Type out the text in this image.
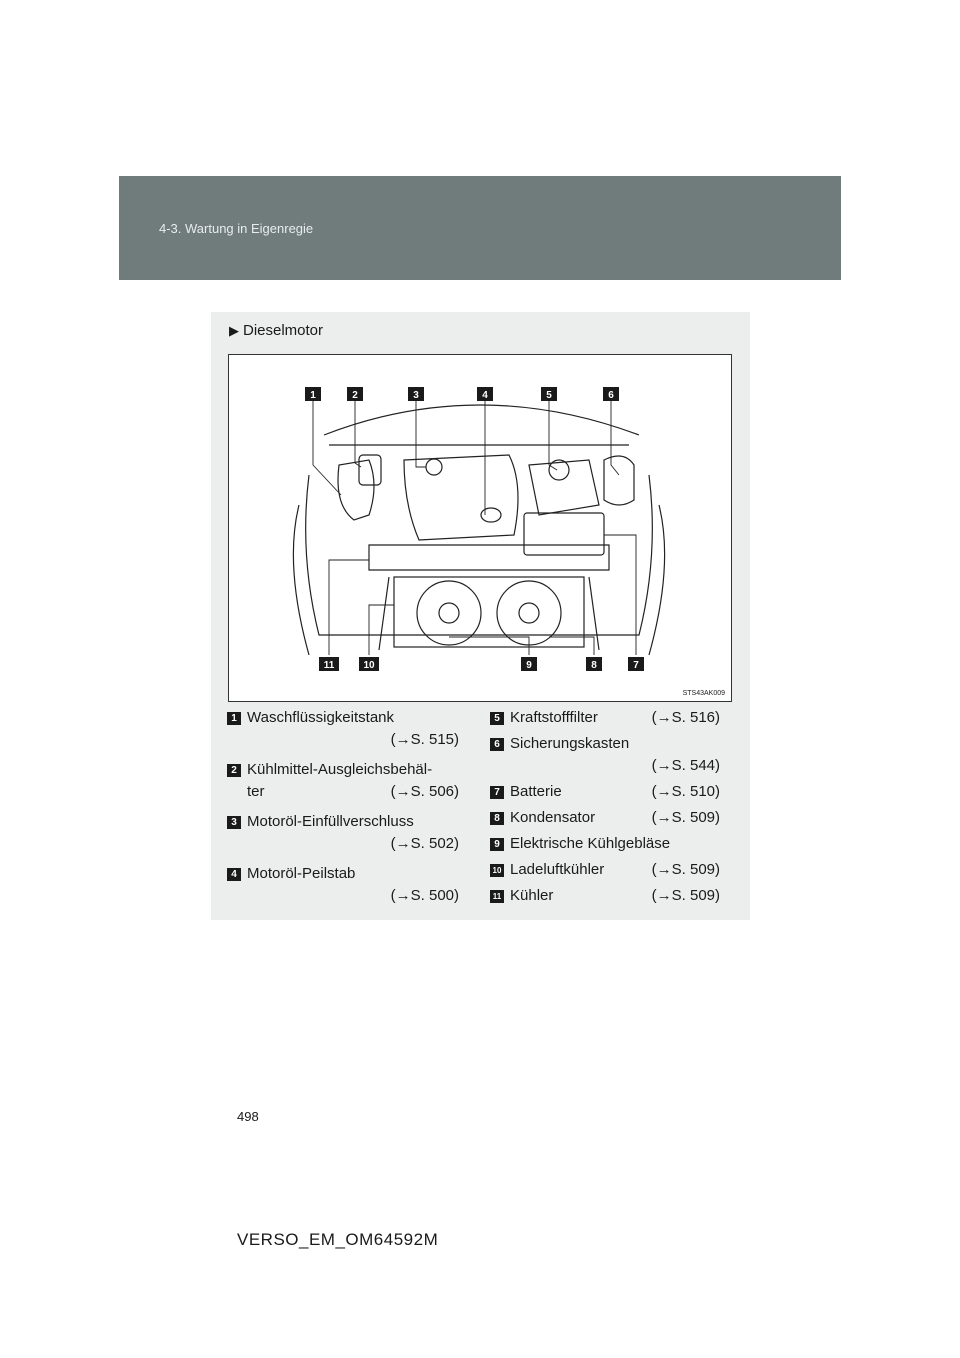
4-3. Wartung in Eigenregie
▶ Dieselmotor
1	2	3	4	5	6
11	10	9	8	7
STS43AK009
1 Waschflüssigkeitstank
(→S. 515)
2 Kühlmittel-Ausgleichsbehäl-
ter	(→S. 506)
3 Motoröl-Einfüllverschluss
(→S. 502)
4 Motoröl-Peilstab
(→S. 500)
5 Kraftstofffilter	(→S. 516)
6 Sicherungskasten
(→S. 544)
7 Batterie	(→S. 510)
8 Kondensator	(→S. 509)
9 Elektrische Kühlgebläse
10 Ladeluftkühler	(→S. 509)
11 Kühler	(→S. 509)
498
VERSO_EM_OM64592M
